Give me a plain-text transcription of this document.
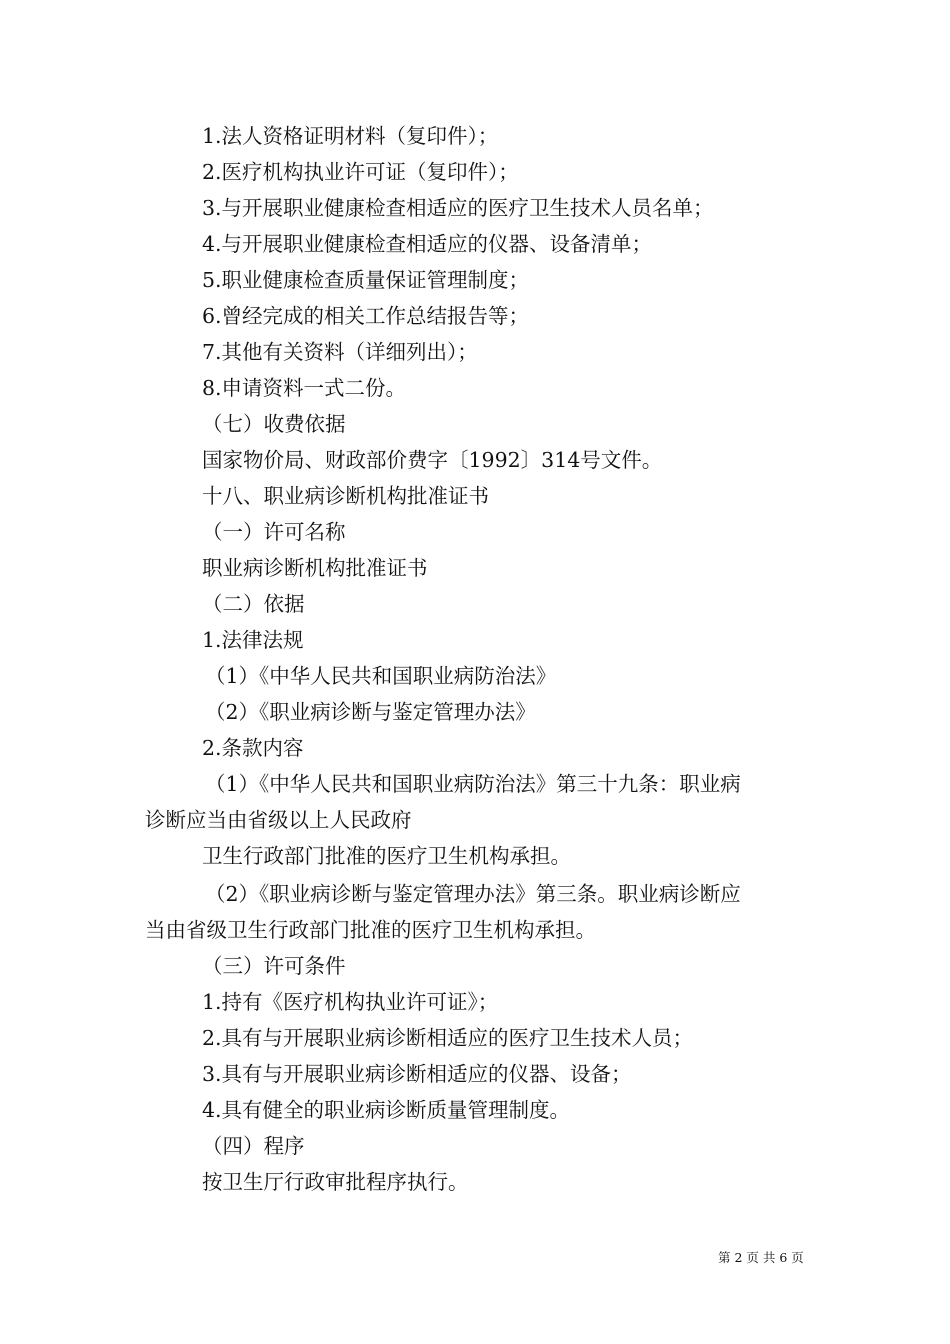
1.法人资格证明材料（复印件）；
2.医疗机构执业许可证（复印件）；
3.与开展职业健康检查相适应的医疗卫生技术人员名单；
4.与开展职业健康检查相适应的仪器、设备清单；
5.职业健康检查质量保证管理制度；
6.曾经完成的相关工作总结报告等；
7.其他有关资料（详细列出）；
8.申请资料一式二份。
（七）收费依据
国家物价局、财政部价费字〔1992〕314号文件。
十八、职业病诊断机构批准证书
（一）许可名称
职业病诊断机构批准证书
（二）依据
1.法律法规
（1）《中华人民共和国职业病防治法》
（2）《职业病诊断与鉴定管理办法》
2.条款内容
（1）《中华人民共和国职业病防治法》第三十九条：职业病
诊断应当由省级以上人民政府
卫生行政部门批准的医疗卫生机构承担。
（2）《职业病诊断与鉴定管理办法》第三条。职业病诊断应
当由省级卫生行政部门批准的医疗卫生机构承担。
（三）许可条件
1.持有《医疗机构执业许可证》；
2.具有与开展职业病诊断相适应的医疗卫生技术人员；
3.具有与开展职业病诊断相适应的仪器、设备；
4.具有健全的职业病诊断质量管理制度。
（四）程序
按卫生厅行政审批程序执行。
第 2 页 共 6 页
